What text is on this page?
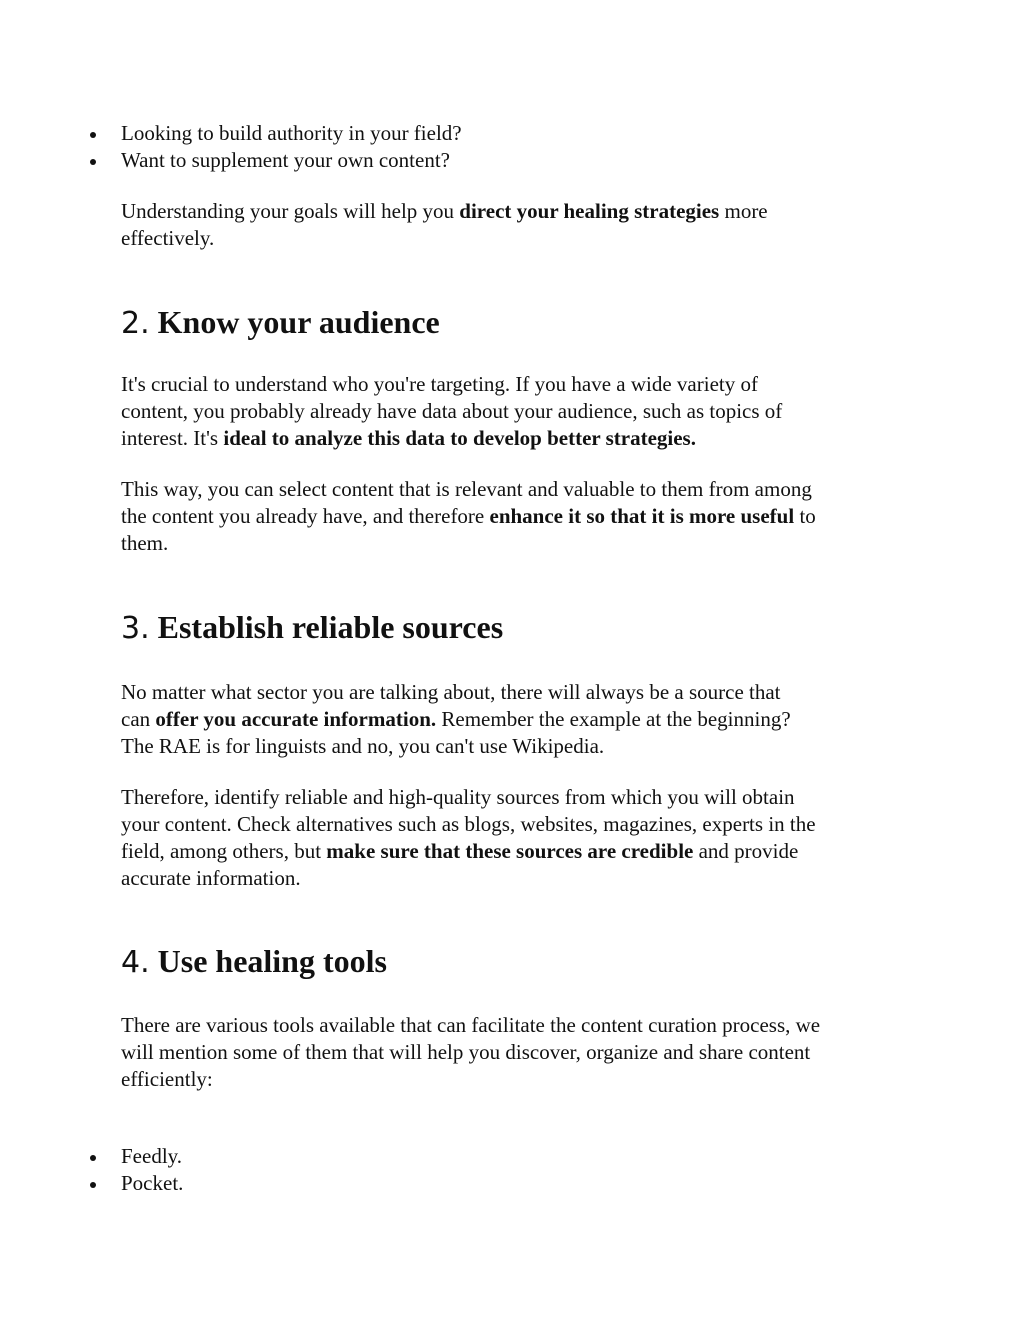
Looking to build authority in your field?
Want to supplement your own content?

Understanding your goals will help you direct your healing strategies more
effectively.

2. Know your audience

It's crucial to understand who you're targeting. If you have a wide variety of
content, you probably already have data about your audience, such as topics of
interest. It's ideal to analyze this data to develop better strategies.

This way, you can select content that is relevant and valuable to them from among
the content you already have, and therefore enhance it so that it is more useful to
them.

3. Establish reliable sources

No matter what sector you are talking about, there will always be a source that
can offer you accurate information. Remember the example at the beginning?
The RAE is for linguists and no, you can't use Wikipedia.

Therefore, identify reliable and high-quality sources from which you will obtain
your content. Check alternatives such as blogs, websites, magazines, experts in the
field, among others, but make sure that these sources are credible and provide
accurate information.

4. Use healing tools

There are various tools available that can facilitate the content curation process, we
will mention some of them that will help you discover, organize and share content
efficiently:

Feedly.
Pocket.
